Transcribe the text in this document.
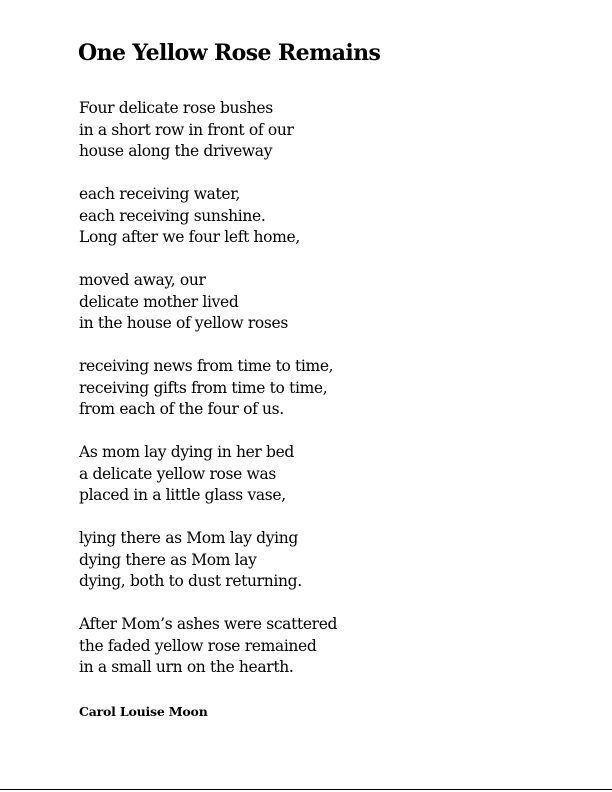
One Yellow Rose Remains
Four delicate rose bushes
in a short row in front of our
house along the driveway
each receiving water,
each receiving sunshine.
Long after we four left home,
moved away, our
delicate mother lived
in the house of yellow roses
receiving news from time to time,
receiving gifts from time to time,
from each of the four of us.
As mom lay dying in her bed
a delicate yellow rose was
placed in a little glass vase,
lying there as Mom lay dying
dying there as Mom lay
dying, both to dust returning.
After Mom’s ashes were scattered
the faded yellow rose remained
in a small urn on the hearth.
Carol Louise Moon
